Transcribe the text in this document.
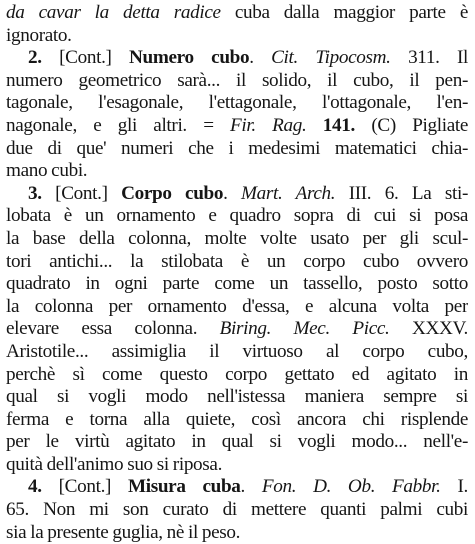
da cavar la detta radice cuba dalla maggior parte è
ignorato.
2. [Cont.] Numero cubo. Cit. Tipocosm. 311. Il
numero geometrico sarà... il solido, il cubo, il pen-
tagonale, l'esagonale, l'ettagonale, l'ottagonale, l'en-
nagonale, e gli altri. = Fir. Rag. 141. (C) Pigliate
due di que' numeri che i medesimi matematici chia-
mano cubi.
3. [Cont.] Corpo cubo. Mart. Arch. III. 6. La sti-
lobata è un ornamento e quadro sopra di cui si posa
la base della colonna, molte volte usato per gli scul-
tori antichi... la stilobata è un corpo cubo ovvero
quadrato in ogni parte come un tassello, posto sotto
la colonna per ornamento d'essa, e alcuna volta per
elevare essa colonna. Biring. Mec. Picc. XXXV.
Aristotile... assimiglia il virtuoso al corpo cubo,
perchè sì come questo corpo gettato ed agitato in
qual si vogli modo nell'istessa maniera sempre si
ferma e torna alla quiete, così ancora chi risplende
per le virtù agitato in qual si vogli modo... nell'e-
quità dell'animo suo si riposa.
4. [Cont.] Misura cuba. Fon. D. Ob. Fabbr. I.
65. Non mi son curato di mettere quanti palmi cubi
sia la presente guglia, nè il peso.
